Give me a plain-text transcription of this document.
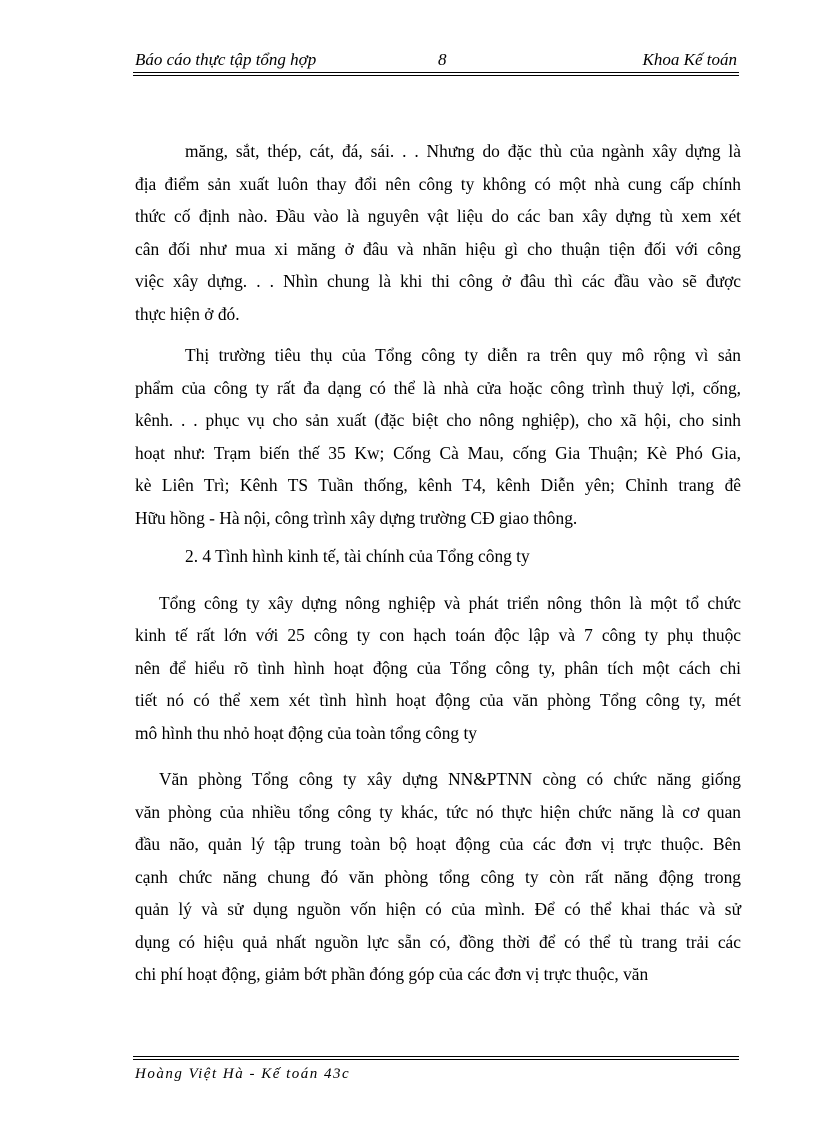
Báo cáo thực tập tổng hợp	8	Khoa Kế toán
măng, sắt, thép, cát, đá, sái. . . Nhưng do đặc thù của ngành xây dựng là
địa điểm sản xuất luôn thay đổi nên công ty không có một nhà cung cấp chính
thức cố định nào. Đầu vào là nguyên vật liệu do các ban xây dựng tù xem xét
cân đối như mua xi măng ở đâu và nhãn hiệu gì cho thuận tiện đối với công
việc xây dựng. . . Nhìn chung là khi thi công ở đâu thì các đầu vào sẽ được
thực hiện ở đó.
Thị trường tiêu thụ của Tổng công ty diễn ra trên quy mô rộng vì sản
phẩm của công ty rất đa dạng có thể là nhà cửa hoặc công trình thuỷ lợi, cống,
kênh. . . phục vụ cho sản xuất (đặc biệt cho nông nghiệp), cho xã hội, cho sinh
hoạt như: Trạm biến thế 35 Kw; Cống Cà Mau, cống Gia Thuận; Kè Phó Gia,
kè Liên Trì; Kênh TS Tuần thống, kênh T4, kênh Diễn yên; Chỉnh trang đê
Hữu hồng - Hà nội, công trình xây dựng trường CĐ giao thông.
2. 4 Tình hình kinh tế, tài chính của Tổng công ty
Tổng công ty xây dựng nông nghiệp và phát triển nông thôn là một tổ chức
kinh tế rất lớn với 25 công ty con hạch toán độc lập và 7 công ty phụ thuộc
nên để hiểu rõ tình hình hoạt động của Tổng công ty, phân tích một cách chi
tiết nó có thể xem xét tình hình hoạt động của văn phòng Tổng công ty, mét
mô hình thu nhỏ hoạt động của toàn tổng công ty
Văn phòng Tổng công ty xây dựng NN&PTNN còng có chức năng giống
văn phòng của nhiều tổng công ty khác, tức nó thực hiện chức năng là cơ quan
đầu não, quản lý tập trung toàn bộ hoạt động của các đơn vị trực thuộc. Bên
cạnh chức năng chung đó văn phòng tổng công ty còn rất năng động trong
quản lý và sử dụng nguồn vốn hiện có của mình. Để có thể khai thác và sử
dụng có hiệu quả nhất nguồn lực sẵn có, đồng thời để có thể tù trang trải các
chi phí hoạt động, giảm bớt phần đóng góp của các đơn vị trực thuộc, văn
Hoàng Việt Hà - Kế toán 43c
